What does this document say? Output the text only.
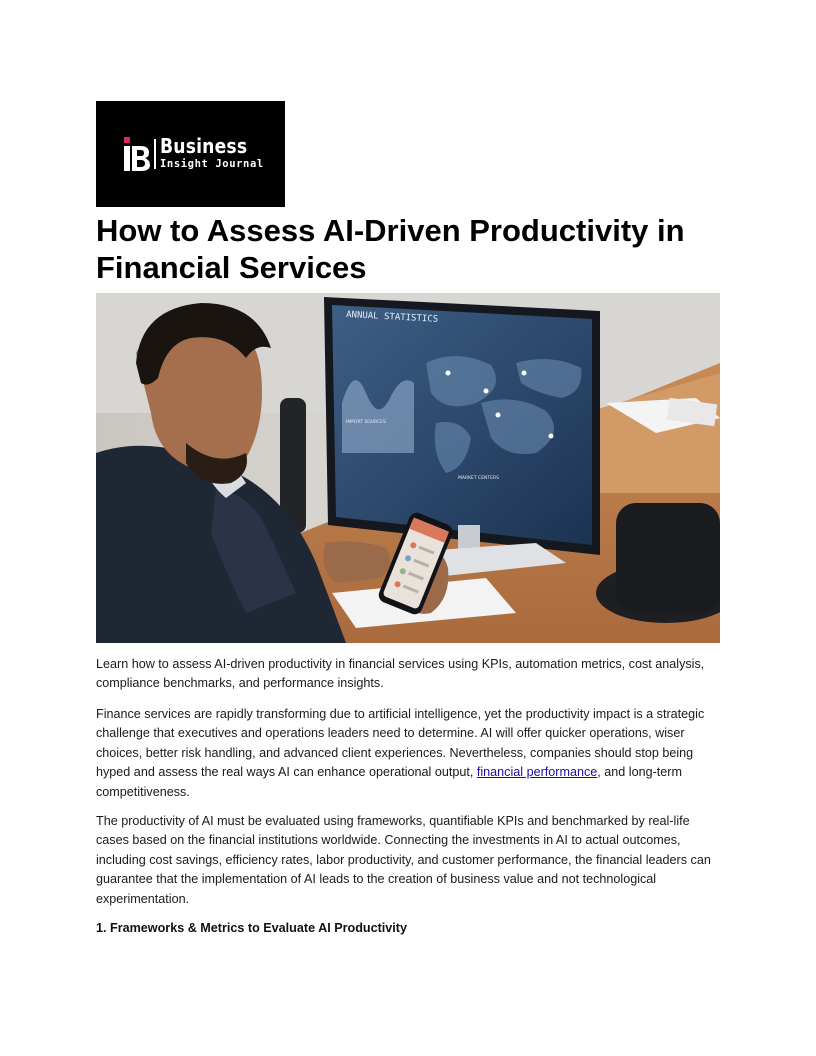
Business
Insight Journal
How to Assess AI-Driven Productivity in Financial Services
ANNUAL STATISTICS
IMPORT SOURCES
MARKET CENTERS

Learn how to assess AI-driven productivity in financial services using KPIs, automation metrics, cost analysis, compliance benchmarks, and performance insights.

Finance services are rapidly transforming due to artificial intelligence, yet the productivity impact is a strategic challenge that executives and operations leaders need to determine. AI will offer quicker operations, wiser choices, better risk handling, and advanced client experiences. Nevertheless, companies should stop being hyped and assess the real ways AI can enhance operational output, financial performance, and long-term competitiveness.

The productivity of AI must be evaluated using frameworks, quantifiable KPIs and benchmarked by real-life cases based on the financial institutions worldwide. Connecting the investments in AI to actual outcomes, including cost savings, efficiency rates, labor productivity, and customer performance, the financial leaders can guarantee that the implementation of AI leads to the creation of business value and not technological experimentation.

1. Frameworks & Metrics to Evaluate AI Productivity
